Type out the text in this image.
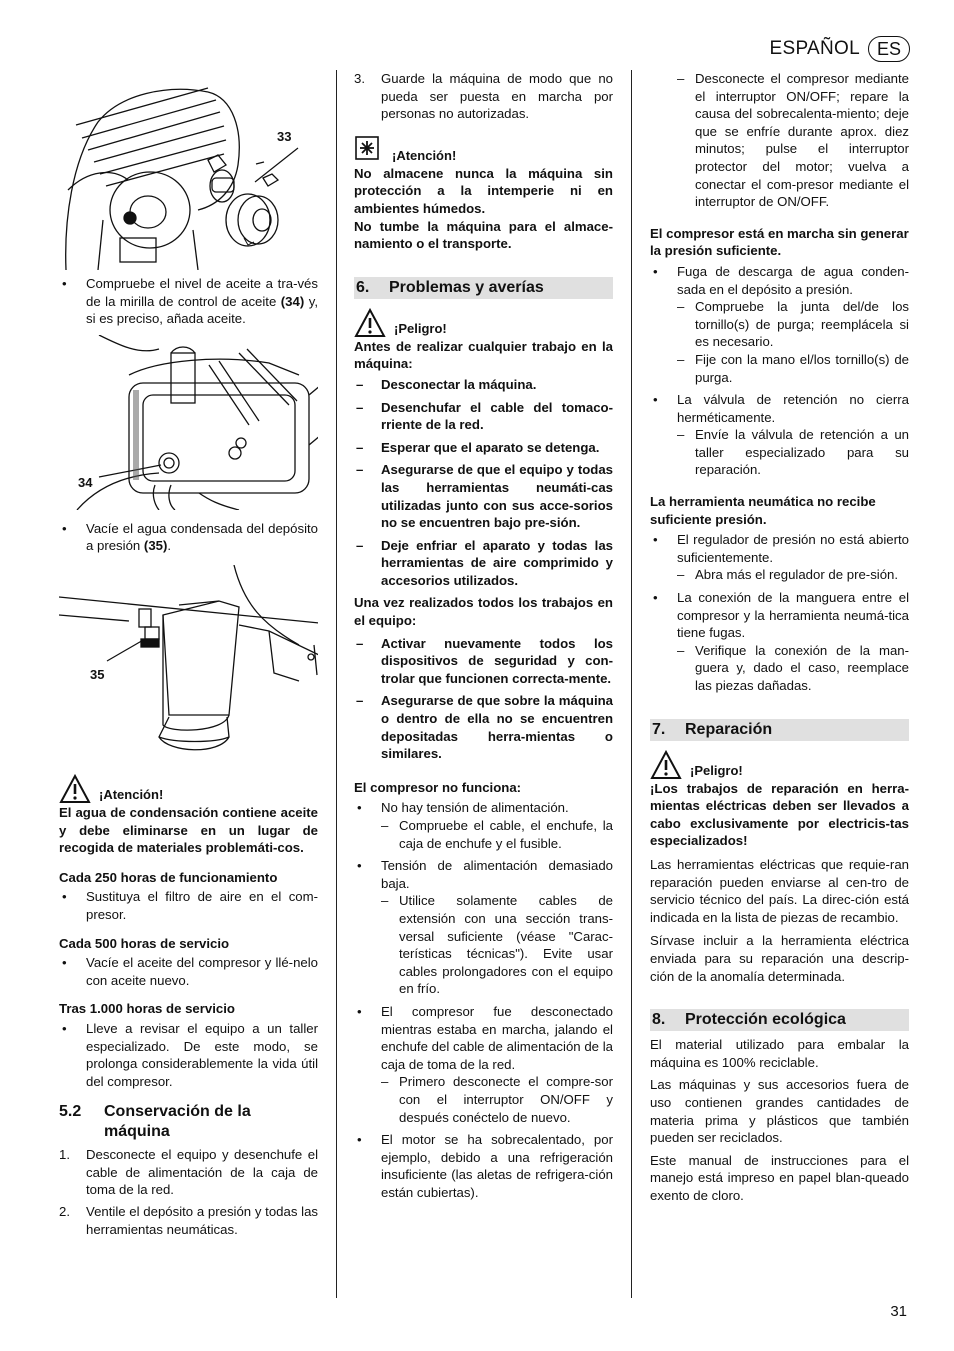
ESPAÑOL ES
33
• Compruebe el nivel de aceite a tra-vés de la mirilla de control de aceite (34) y, si es preciso, añada aceite.
34
• Vacíe el agua condensada del depósito a presión (35).
35
¡Atención!

El agua de condensación contiene aceite y debe eliminarse en un lugar de recogida de materiales problemáti-cos.

Cada 250 horas de funcionamiento

• Sustituya el filtro de aire en el com-presor.

Cada 500 horas de servicio

• Vacíe el aceite del compresor y llé-nelo con aceite nuevo.

Tras 1.000 horas de servicio

• Lleve a revisar el equipo a un taller especializado. De este modo, se prolonga considerablemente la vida útil del compresor.
5.2	Conservación de la máquina
1. Desconecte el equipo y desenchufe el cable de alimentación de la caja de toma de la red.
2. Ventile el depósito a presión y todas las herramientas neumáticas.
3. Guarde la máquina de modo que no pueda ser puesta en marcha por personas no autorizadas.
¡Atención!

No almacene nunca la máquina sin protección a la intemperie ni en ambientes húmedos.

No tumbe la máquina para el almace-namiento o el transporte.

6.	Problemas y averías
¡Peligro!

Antes de realizar cualquier trabajo en la máquina:

– Desconectar la máquina.
– Desenchufar el cable del tomaco-rriente de la red.
– Esperar que el aparato se detenga.
– Asegurarse de que el equipo y todas las herramientas neumáti-cas utilizadas junto con sus acce-sorios no se encuentren bajo pre-sión.
– Deje enfriar el aparato y todas las herramientas de aire comprimido y accesorios utilizados.

Una vez realizados todos los trabajos en el equipo:

– Activar nuevamente todos los dispositivos de seguridad y con-trolar que funcionen correcta-mente.
– Asegurarse de que sobre la máquina o dentro de ella no se encuentren depositadas herra-mientas o similares.

El compresor no funciona:

• No hay tensión de alimentación.
– Compruebe el cable, el enchufe, la caja de enchufe y el fusible.
• Tensión de alimentación demasiado baja.
– Utilice solamente cables de extensión con una sección trans-versal suficiente (véase "Carac-terísticas técnicas"). Evite usar cables prolongadores con el equipo en frío.
• El compresor fue desconectado mientras estaba en marcha, jalando el enchufe del cable de alimentación de la caja de toma de la red.
– Primero desconecte el compre-sor con el interruptor ON/OFF y después conéctelo de nuevo.
• El motor se ha sobrecalentado, por ejemplo, debido a una refrigeración insuficiente (las aletas de refrigera-ción están cubiertas).
– Desconecte el compresor mediante el interruptor ON/OFF; repare la causa del sobrecalenta-miento; deje que se enfríe durante aprox. diez minutos; pulse el interruptor protector del motor; vuelva a conectar el com-presor mediante el interruptor de ON/OFF.

El compresor está en marcha sin generar la presión suficiente.

• Fuga de descarga de agua conden-sada en el depósito a presión.
– Compruebe la junta del/de los tornillo(s) de purga; reemplácela si es necesario.
– Fije con la mano el/los tornillo(s) de purga.
• La válvula de retención no cierra herméticamente.
– Envíe la válvula de retención a un taller especializado para su reparación.

La herramienta neumática no recibe suficiente presión.

• El regulador de presión no está abierto suficientemente.
– Abra más el regulador de pre-sión.
• La conexión de la manguera entre el compresor y la herramienta neumá-tica tiene fugas.
– Verifique la conexión de la man-guera y, dado el caso, reemplace las piezas dañadas.
7.	Reparación
¡Peligro!

¡Los trabajos de reparación en herra-mientas eléctricas deben ser llevados a cabo exclusivamente por electricis-tas especializados!

Las herramientas eléctricas que requie-ran reparación pueden enviarse al cen-tro de servicio técnico del país. La direc-ción está indicada en la lista de piezas de recambio.

Sírvase incluir a la herramienta eléctrica enviada para su reparación una descrip-ción de la anomalía determinada.

8.	Protección ecológica

El material utilizado para embalar la máquina es 100% reciclable.

Las máquinas y sus accesorios fuera de uso contienen grandes cantidades de materia prima y plásticos que también pueden ser reciclados.

Este manual de instrucciones para el manejo está impreso en papel blan-queado exento de cloro.

31
